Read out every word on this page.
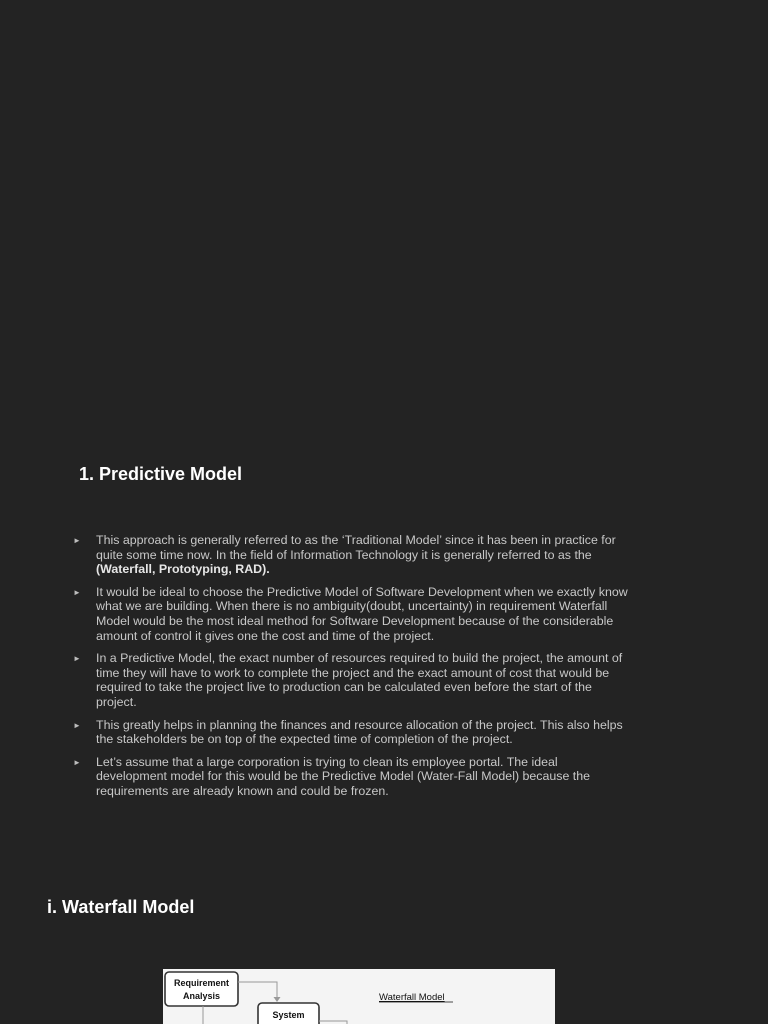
1. Predictive Model
► This approach is generally referred to as the ‘Traditional Model’ since it has been in practice for quite some time now. In the field of Information Technology it is generally referred to as the (Waterfall, Prototyping, RAD).
► It would be ideal to choose the Predictive Model of Software Development when we exactly know what we are building. When there is no ambiguity(doubt, uncertainty) in requirement Waterfall Model would be the most ideal method for Software Development because of the considerable amount of control it gives one the cost and time of the project.
► In a Predictive Model, the exact number of resources required to build the project, the amount of time they will have to work to complete the project and the exact amount of cost that would be required to take the project live to production can be calculated even before the start of the project.
► This greatly helps in planning the finances and resource allocation of the project. This also helps the stakeholders be on top of the expected time of completion of the project.
► Let’s assume that a large corporation is trying to clean its employee portal. The ideal development model for this would be the Predictive Model (Water-Fall Model) because the requirements are already known and could be frozen.
i. Waterfall Model
Requirement
Analysis
System
Waterfall Model
